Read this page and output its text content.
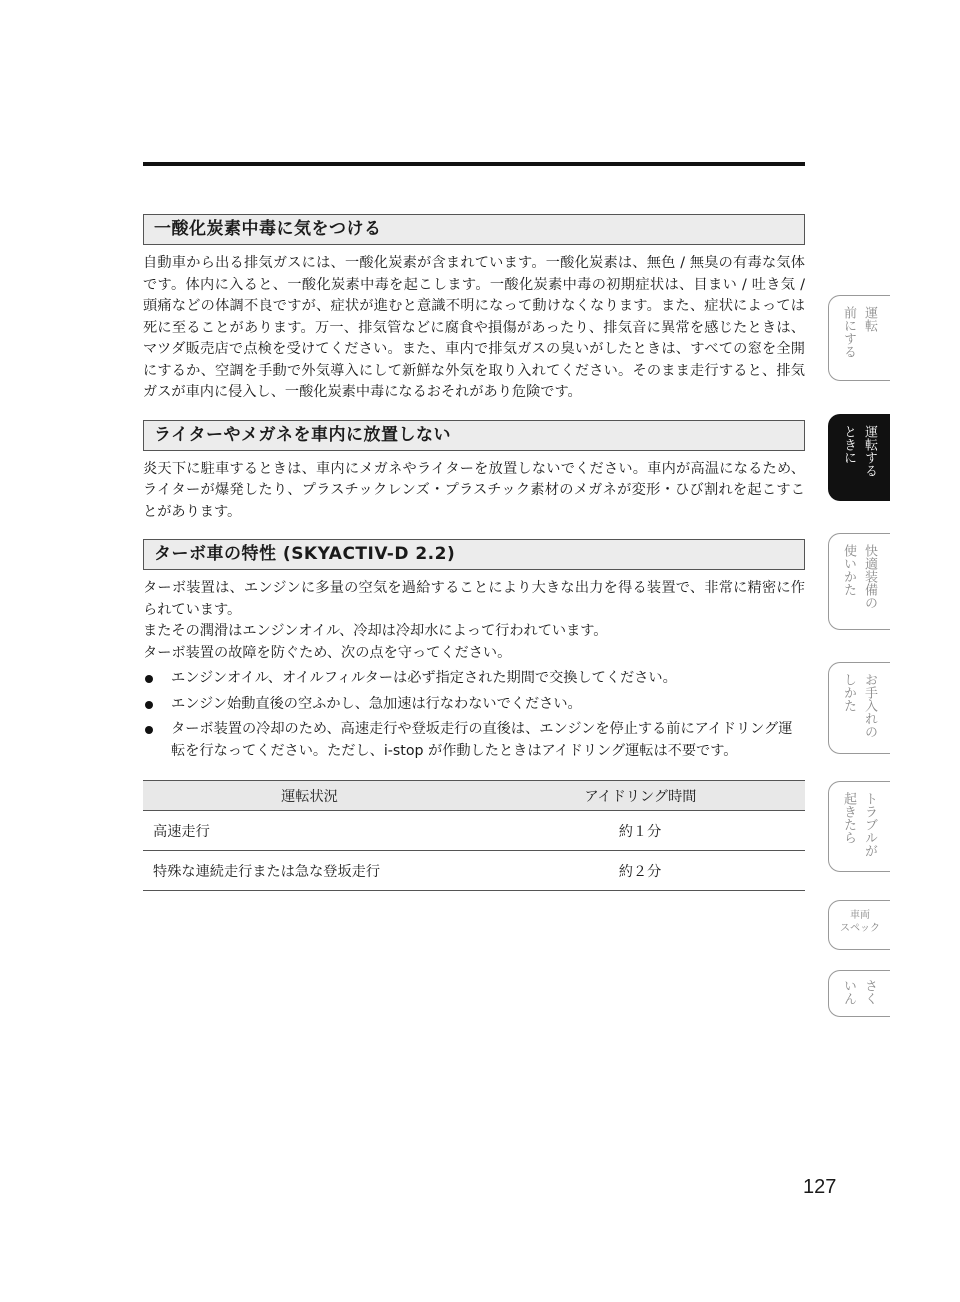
一酸化炭素中毒に気をつける

自動車から出る排気ガスには、一酸化炭素が含まれています。一酸化炭素は、無色 / 無臭の有毒な気体です。体内に入ると、一酸化炭素中毒を起こします。一酸化炭素中毒の初期症状は、目まい / 吐き気 / 頭痛などの体調不良ですが、症状が進むと意識不明になって動けなくなります。また、症状によっては死に至ることがあります。万一、排気管などに腐食や損傷があったり、排気音に異常を感じたときは、マツダ販売店で点検を受けてください。また、車内で排気ガスの臭いがしたときは、すべての窓を全開にするか、空調を手動で外気導入にして新鮮な外気を取り入れてください。そのまま走行すると、排気ガスが車内に侵入し、一酸化炭素中毒になるおそれがあり危険です。

ライターやメガネを車内に放置しない

炎天下に駐車するときは、車内にメガネやライターを放置しないでください。車内が高温になるため、ライターが爆発したり、プラスチックレンズ・プラスチック素材のメガネが変形・ひび割れを起こすことがあります。

ターボ車の特性 (SKYACTIV-D 2.2)

ターボ装置は、エンジンに多量の空気を過給することにより大きな出力を得る装置で、非常に精密に作られています。

またその潤滑はエンジンオイル、冷却は冷却水によって行われています。

ターボ装置の故障を防ぐため、次の点を守ってください。

エンジンオイル、オイルフィルターは必ず指定された期間で交換してください。
エンジン始動直後の空ふかし、急加速は行なわないでください。
ターボ装置の冷却のため、高速走行や登坂走行の直後は、エンジンを停止する前にアイドリング運転を行なってください。ただし、i-stop が作動したときはアイドリング運転は不要です。
運転状況	アイドリング時間
高速走行	約１分
特殊な連続走行または急な登坂走行	約２分
127
運転
前にする
運転する
ときに
快適装備の
使いかた
お手入れの
しかた
トラブルが
起きたら
車両
スペック
さく
いん
